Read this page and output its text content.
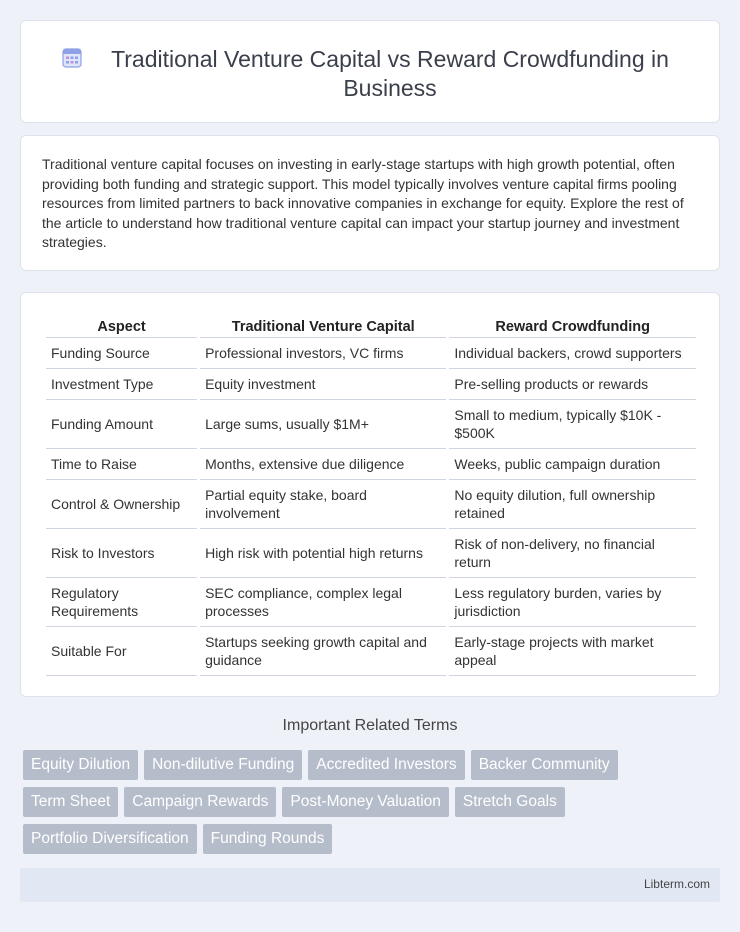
Traditional Venture Capital vs Reward Crowdfunding in Business

Traditional venture capital focuses on investing in early-stage startups with high growth potential, often providing both funding and strategic support. This model typically involves venture capital firms pooling resources from limited partners to back innovative companies in exchange for equity. Explore the rest of the article to understand how traditional venture capital can impact your startup journey and investment strategies.

Aspect	Traditional Venture Capital	Reward Crowdfunding
Funding Source	Professional investors, VC firms	Individual backers, crowd supporters
Investment Type	Equity investment	Pre-selling products or rewards
Funding Amount	Large sums, usually $1M+	Small to medium, typically $10K - $500K
Time to Raise	Months, extensive due diligence	Weeks, public campaign duration
Control & Ownership	Partial equity stake, board involvement	No equity dilution, full ownership retained
Risk to Investors	High risk with potential high returns	Risk of non-delivery, no financial return
Regulatory Requirements	SEC compliance, complex legal processes	Less regulatory burden, varies by jurisdiction
Suitable For	Startups seeking growth capital and guidance	Early-stage projects with market appeal
Important Related Terms
Equity Dilution	Non-dilutive Funding	Accredited Investors	Backer Community
Term Sheet	Campaign Rewards	Post-Money Valuation	Stretch Goals
Portfolio Diversification	Funding Rounds
Libterm.com
